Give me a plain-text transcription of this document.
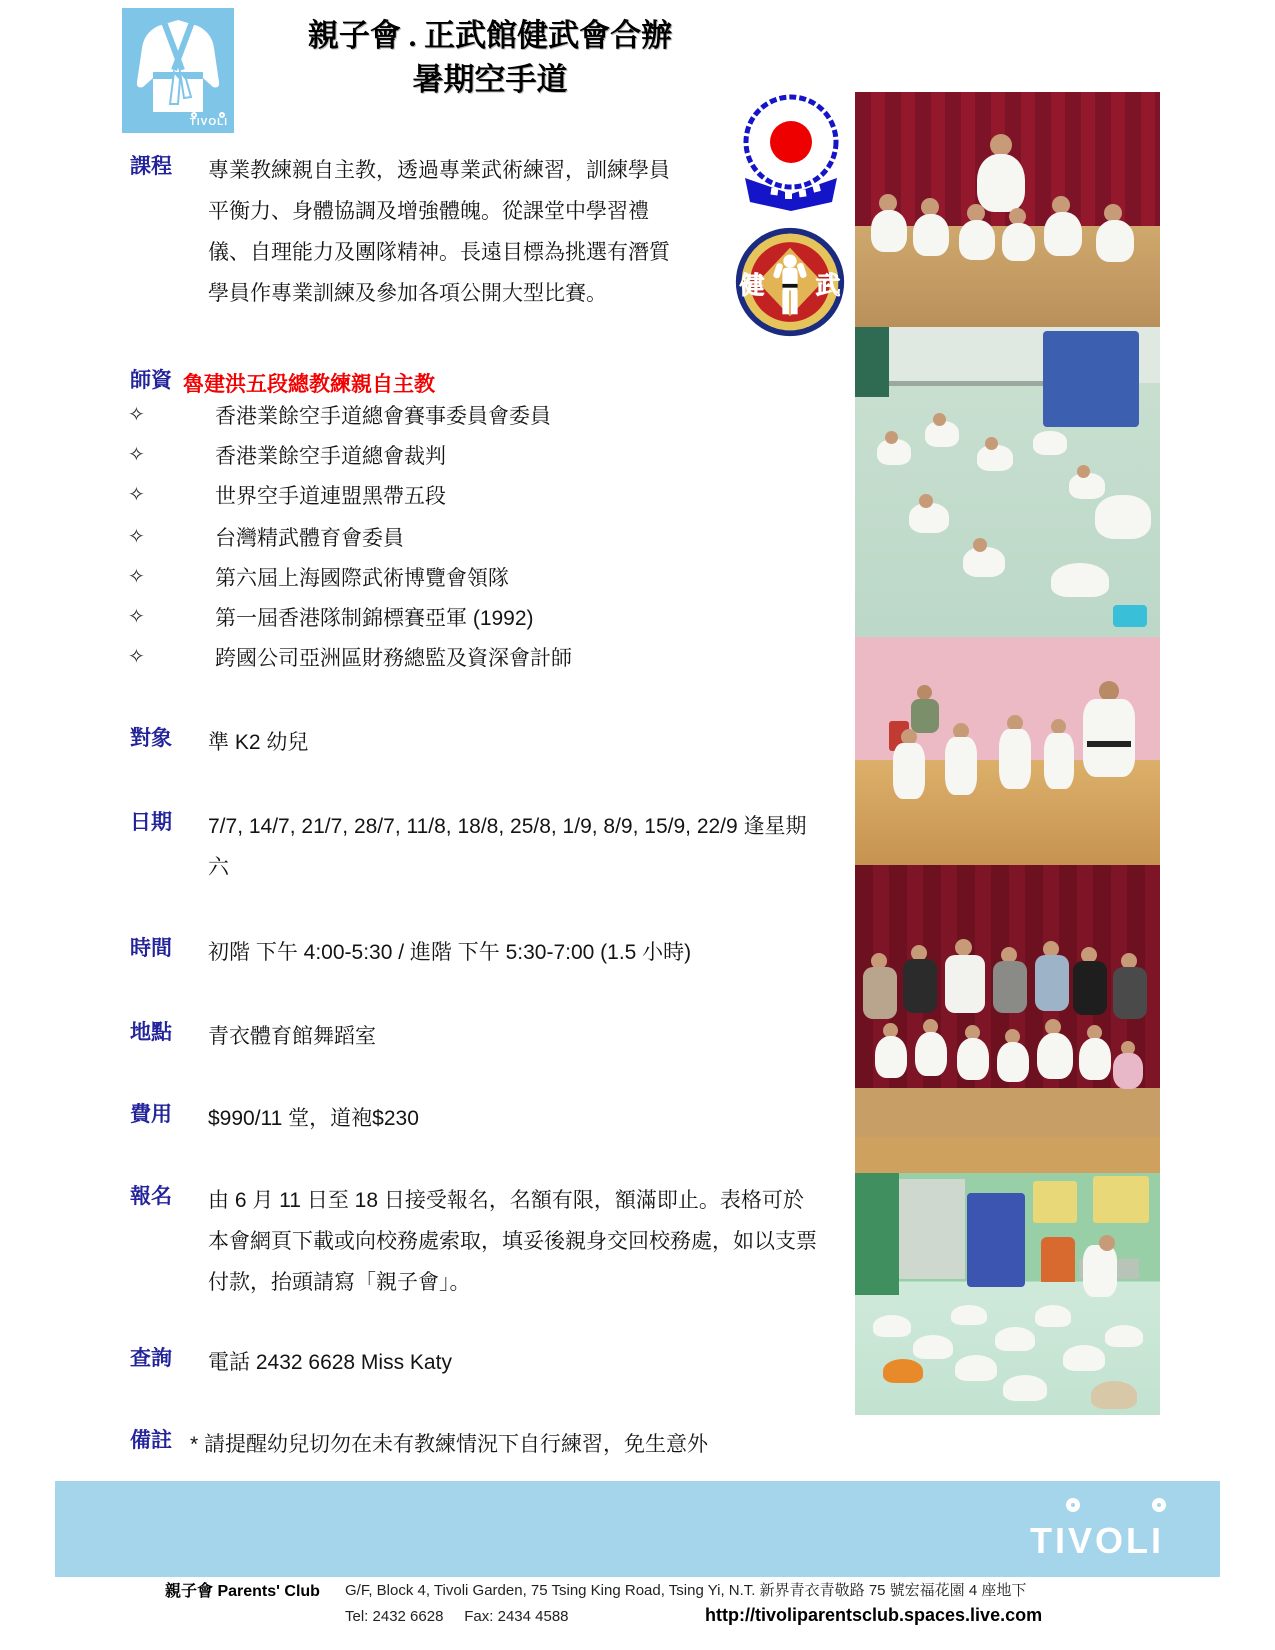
TIVOLI
親子會 . 正武館健武會合辦
暑期空手道
健 武
課程 專業教練親自主教，透過專業武術練習，訓練學員平衡力、身體協調及增強體魄。從課堂中學習禮儀、自理能力及團隊精神。長遠目標為挑選有潛質學員作專業訓練及參加各項公開大型比賽。
師資 魯建洪五段總教練親自主教
✧	香港業餘空手道總會賽事委員會委員
✧	香港業餘空手道總會裁判
✧	世界空手道連盟黑帶五段
✧	台灣精武體育會委員
✧	第六屆上海國際武術博覽會領隊
✧	第一屆香港隊制錦標賽亞軍 (1992)
✧	跨國公司亞洲區財務總監及資深會計師
對象 準 K2 幼兒
日期 7/7, 14/7, 21/7, 28/7, 11/8, 18/8, 25/8, 1/9, 8/9, 15/9, 22/9 逢星期六
時間 初階 下午 4:00-5:30 / 進階 下午 5:30-7:00 (1.5 小時)
地點 青衣體育館舞蹈室
費用 $990/11 堂，道袍$230
報名 由 6 月 11 日至 18 日接受報名，名額有限，額滿即止。表格可於本會網頁下載或向校務處索取，填妥後親身交回校務處，如以支票付款，抬頭請寫「親子會」。
查詢 電話 2432 6628 Miss Katy
備註 * 請提醒幼兒切勿在未有教練情況下自行練習，免生意外
TIVOLI
親子會 Parents' Club G/F, Block 4, Tivoli Garden, 75 Tsing King Road, Tsing Yi, N.T. 新界青衣青敬路 75 號宏福花園 4 座地下
Tel: 2432 6628 Fax: 2434 4588	http://tivoliparentsclub.spaces.live.com
